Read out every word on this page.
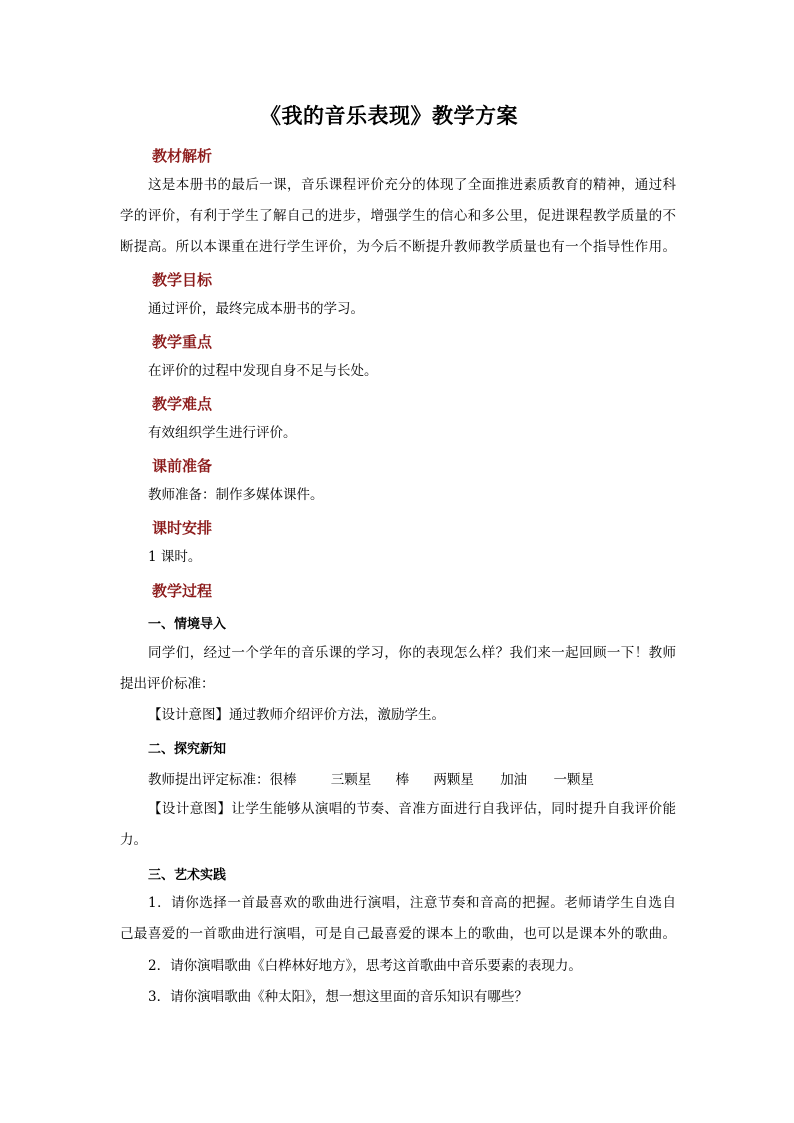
《我的音乐表现》教学方案
教材解析
这是本册书的最后一课，音乐课程评价充分的体现了全面推进素质教育的精神，通过科
学的评价，有利于学生了解自己的进步，增强学生的信心和多公里，促进课程教学质量的不
断提高。所以本课重在进行学生评价，为今后不断提升教师教学质量也有一个指导性作用。
教学目标
通过评价，最终完成本册书的学习。
教学重点
在评价的过程中发现自身不足与长处。
教学难点
有效组织学生进行评价。
课前准备
教师准备：制作多媒体课件。
课时安排
1 课时。
教学过程
一、情境导入
同学们，经过一个学年的音乐课的学习，你的表现怎么样？我们来一起回顾一下！教师
提出评价标准：
【设计意图】通过教师介绍评价方法，激励学生。
二、探究新知
教师提出评定标准：很棒	三颗星 棒 两颗星 加油 一颗星
【设计意图】让学生能够从演唱的节奏、音准方面进行自我评估，同时提升自我评价能
力。
三、艺术实践
1．请你选择一首最喜欢的歌曲进行演唱，注意节奏和音高的把握。老师请学生自选自
己最喜爱的一首歌曲进行演唱，可是自己最喜爱的课本上的歌曲，也可以是课本外的歌曲。
2．请你演唱歌曲《白桦林好地方》，思考这首歌曲中音乐要素的表现力。
3．请你演唱歌曲《种太阳》，想一想这里面的音乐知识有哪些？
